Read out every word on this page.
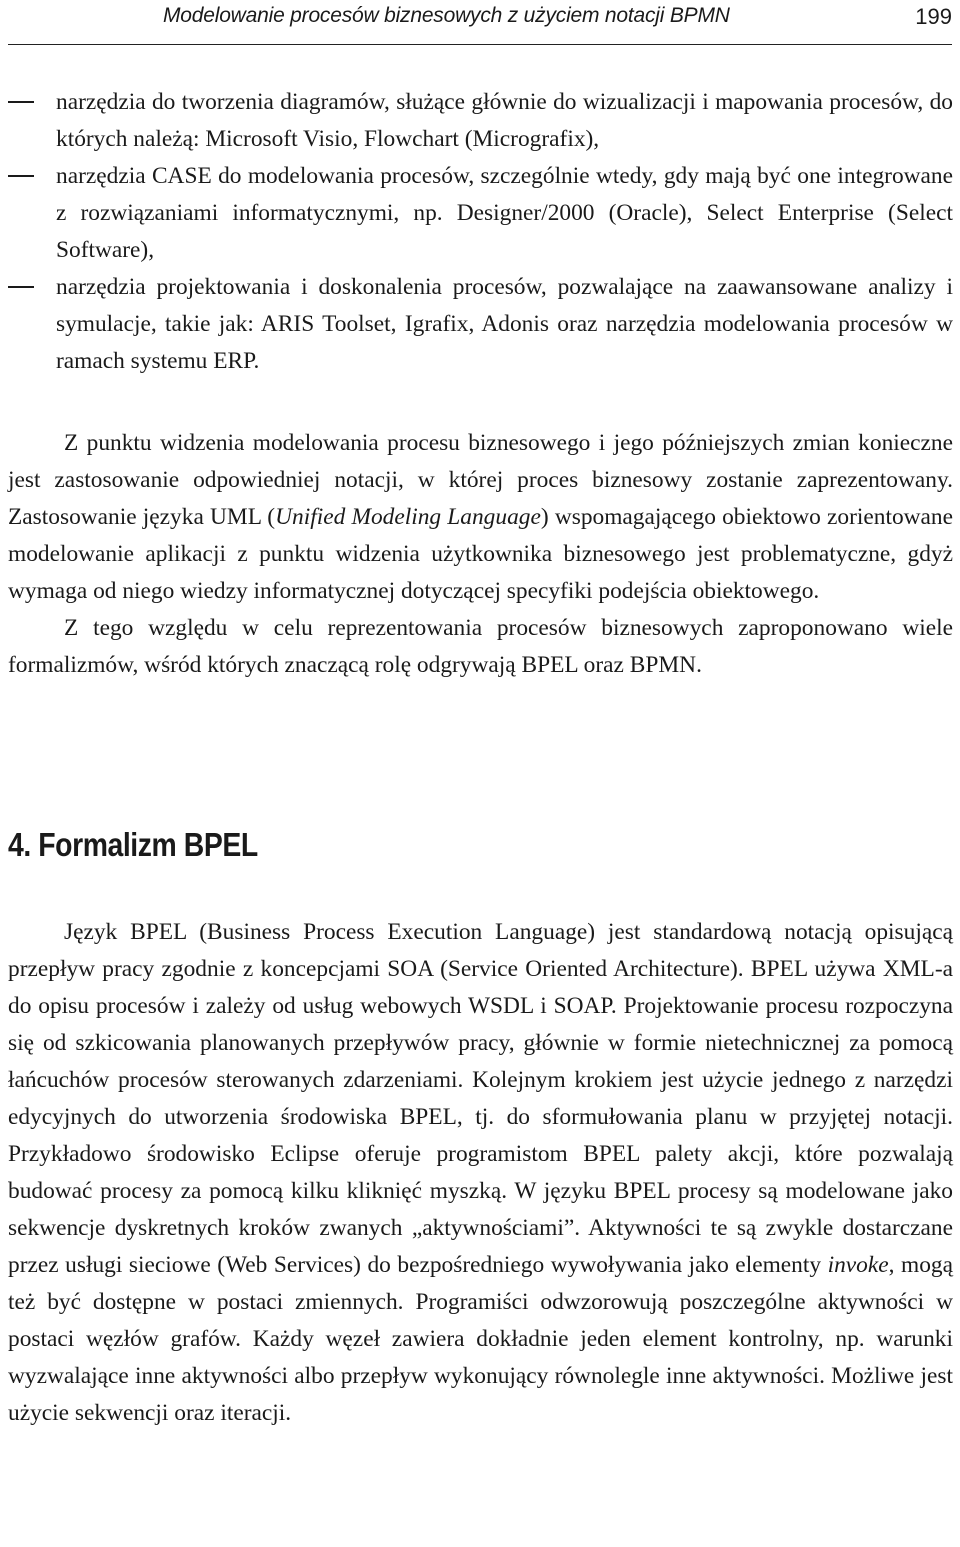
Modelowanie procesów biznesowych z użyciem notacji BPMN	199
narzędzia do tworzenia diagramów, służące głównie do wizualizacji i mapowania procesów, do których należą: Microsoft Visio, Flowchart (Micrografix),
narzędzia CASE do modelowania procesów, szczególnie wtedy, gdy mają być one integrowane z rozwiązaniami informatycznymi, np. Designer/2000 (Oracle), Select Enterprise (Select Software),
narzędzia projektowania i doskonalenia procesów, pozwalające na zaawansowane analizy i symulacje, takie jak: ARIS Toolset, Igrafix, Adonis oraz narzędzia modelowania procesów w ramach systemu ERP.

Z punktu widzenia modelowania procesu biznesowego i jego późniejszych zmian konieczne jest zastosowanie odpowiedniej notacji, w której proces biznesowy zostanie zaprezentowany. Zastosowanie języka UML (Unified Modeling Language) wspomagającego obiektowo zorientowane modelowanie aplikacji z punktu widzenia użytkownika biznesowego jest problematyczne, gdyż wymaga od niego wiedzy informatycznej dotyczącej specyfiki podejścia obiektowego.

Z tego względu w celu reprezentowania procesów biznesowych zaproponowano wiele formalizmów, wśród których znaczącą rolę odgrywają BPEL oraz BPMN.

4. Formalizm BPEL

Język BPEL (Business Process Execution Language) jest standardową notacją opisującą przepływ pracy zgodnie z koncepcjami SOA (Service Oriented Architecture). BPEL używa XML-a do opisu procesów i zależy od usług webowych WSDL i SOAP. Projektowanie procesu rozpoczyna się od szkicowania planowanych przepływów pracy, głównie w formie nietechnicznej za pomocą łańcuchów procesów sterowanych zdarzeniami. Kolejnym krokiem jest użycie jednego z narzędzi edycyjnych do utworzenia środowiska BPEL, tj. do sformułowania planu w przyjętej notacji. Przykładowo środowisko Eclipse oferuje programistom BPEL palety akcji, które pozwalają budować procesy za pomocą kilku kliknięć myszką. W języku BPEL procesy są modelowane jako sekwencje dyskretnych kroków zwanych „aktywnościami”. Aktywności te są zwykle dostarczane przez usługi sieciowe (Web Services) do bezpośredniego wywoływania jako elementy invoke, mogą też być dostępne w postaci zmiennych. Programiści odwzorowują poszczególne aktywności w postaci węzłów grafów. Każdy węzeł zawiera dokładnie jeden element kontrolny, np. warunki wyzwalające inne aktywności albo przepływ wykonujący równolegle inne aktywności. Możliwe jest użycie sekwencji oraz iteracji.
